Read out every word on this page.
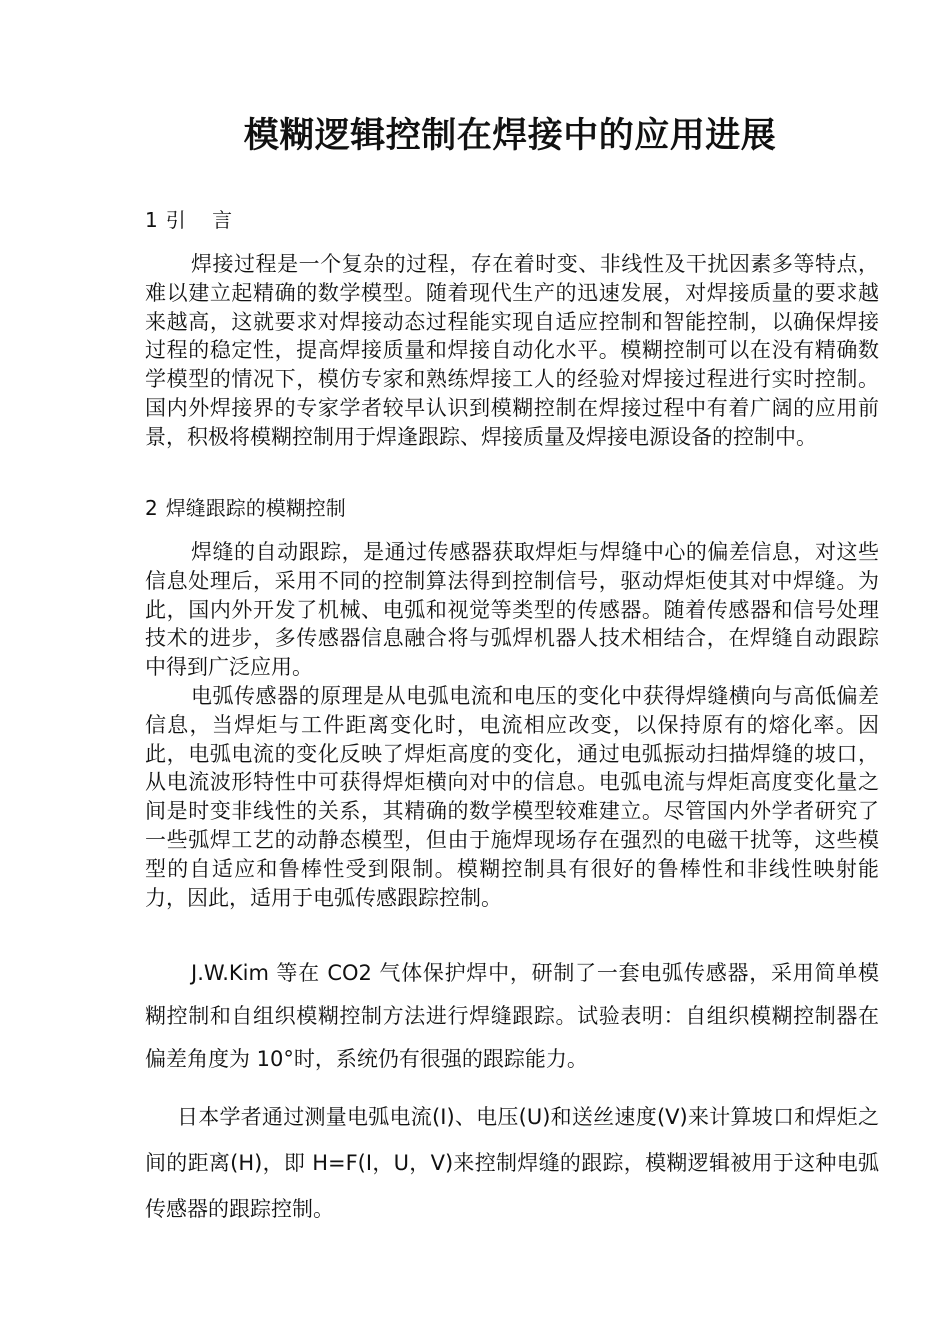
模糊逻辑控制在焊接中的应用进展
1 引 言

焊接过程是一个复杂的过程，存在着时变、非线性及干扰因素多等特点，难以建立起精确的数学模型。随着现代生产的迅速发展，对焊接质量的要求越来越高，这就要求对焊接动态过程能实现自适应控制和智能控制，以确保焊接过程的稳定性，提高焊接质量和焊接自动化水平。模糊控制可以在没有精确数学模型的情况下，模仿专家和熟练焊接工人的经验对焊接过程进行实时控制。国内外焊接界的专家学者较早认识到模糊控制在焊接过程中有着广阔的应用前景，积极将模糊控制用于焊逢跟踪、焊接质量及焊接电源设备的控制中。

2 焊缝跟踪的模糊控制

焊缝的自动跟踪，是通过传感器获取焊炬与焊缝中心的偏差信息，对这些信息处理后，采用不同的控制算法得到控制信号，驱动焊炬使其对中焊缝。为此，国内外开发了机械、电弧和视觉等类型的传感器。随着传感器和信号处理技术的进步，多传感器信息融合将与弧焊机器人技术相结合，在焊缝自动跟踪中得到广泛应用。

电弧传感器的原理是从电弧电流和电压的变化中获得焊缝横向与高低偏差信息，当焊炬与工件距离变化时，电流相应改变，以保持原有的熔化率。因此，电弧电流的变化反映了焊炬高度的变化，通过电弧振动扫描焊缝的坡口，从电流波形特性中可获得焊炬横向对中的信息。电弧电流与焊炬高度变化量之间是时变非线性的关系，其精确的数学模型较难建立。尽管国内外学者研究了一些弧焊工艺的动静态模型，但由于施焊现场存在强烈的电磁干扰等，这些模型的自适应和鲁棒性受到限制。模糊控制具有很好的鲁棒性和非线性映射能力，因此，适用于电弧传感跟踪控制。

J.W.Kim 等在 CO2 气体保护焊中，研制了一套电弧传感器，采用简单模糊控制和自组织模糊控制方法进行焊缝跟踪。试验表明：自组织模糊控制器在偏差角度为 10°时，系统仍有很强的跟踪能力。

日本学者通过测量电弧电流(I)、电压(U)和送丝速度(V)来计算坡口和焊炬之间的距离(H)，即 H=F(I，U，V)来控制焊缝的跟踪，模糊逻辑被用于这种电弧传感器的跟踪控制。
